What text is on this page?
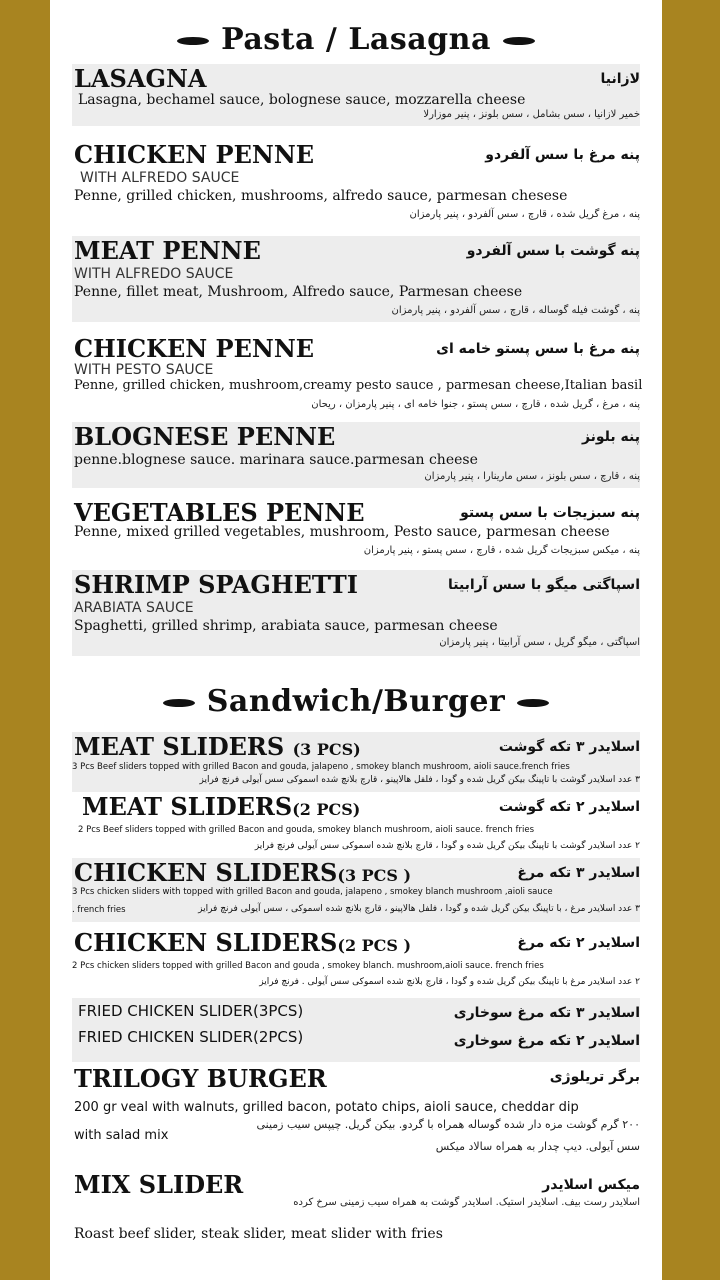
Pasta / Lasagna
LASAGNA	لازانیا
Lasagna, bechamel sauce, bolognese sauce, mozzarella cheese
خمیر لازانیا ، سس بشامل ، سس بلونز ، پنیر موزارلا
CHICKEN PENNE	پنه مرغ با سس آلفردو
WITH ALFREDO SAUCE
Penne, grilled chicken, mushrooms, alfredo sauce, parmesan chesese
پنه ، مرغ گریل شده ، قارچ ، سس آلفردو ، پنیر پارمزان
MEAT PENNE	پنه گوشت با سس آلفردو
WITH ALFREDO SAUCE
Penne, fillet meat, Mushroom, Alfredo sauce, Parmesan cheese
پنه ، گوشت فیله گوساله ، قارچ ، سس آلفردو ، پنیر پارمزان
CHICKEN PENNE	پنه مرغ با سس پستو خامه ای
WITH PESTO SAUCE
Penne, grilled chicken, mushroom,creamy pesto sauce , parmesan cheese,Italian basil
پنه ، مرغ ، گریل شده ، قارچ ، سس پستو ، جنوا خامه ای ، پنیر پارمزان ، ریحان
BLOGNESE PENNE	پنه بلونز
penne.blognese sauce. marinara sauce.parmesan cheese
پنه ، قارچ ، سس بلونز ، سس مارینارا ، پنیر پارمزان
VEGETABLES PENNE	پنه سبزیجات با سس پستو
Penne, mixed grilled vegetables, mushroom, Pesto sauce, parmesan cheese
پنه ، میکس سبزیجات گریل شده ، قارچ ، سس پستو ، پنیر پارمزان
SHRIMP SPAGHETTI	اسپاگتی میگو با سس آرابیتا
ARABIATA SAUCE
Spaghetti, grilled shrimp, arabiata sauce, parmesan cheese
اسپاگتی ، میگو گریل ، سس آرابیتا ، پنیر پارمزان
Sandwich/Burger
MEAT SLIDERS (3 PCS)	اسلایدر ۳ تکه گوشت
3 Pcs Beef sliders topped with grilled Bacon and gouda, jalapeno , smokey blanch mushroom, aioli sauce.french fries
۳ عدد اسلایدر گوشت با تاپینگ بیکن گریل شده و گودا ، فلفل هالاپینو ، قارچ بلانچ شده اسموکی سس آیولی فرنچ فرایز
MEAT SLIDERS(2 PCS)	اسلایدر ۲ تکه گوشت
2 Pcs Beef sliders topped with grilled Bacon and gouda, smokey blanch mushroom, aioli sauce. french fries
۲ عدد اسلایدر گوشت با تاپینگ بیکن گریل شده و گودا ، قارچ بلانچ شده اسموکی سس آیولی فرنچ فرایز
CHICKEN SLIDERS(3 PCS )	اسلایدر ۳ تکه مرغ
3 Pcs chicken sliders with topped with grilled Bacon and gouda, jalapeno , smokey blanch mushroom ,aioli sauce
. french fries	۳ عدد اسلایدر مرغ ، با تاپینگ بیکن گریل شده و گودا ، فلفل هالاپینو ، قارچ بلانچ شده اسموکی ، سس آیولی فرنچ فرایز
CHICKEN SLIDERS(2 PCS )	اسلایدر ۲ تکه مرغ
2 Pcs chicken sliders topped with grilled Bacon and gouda , smokey blanch. mushroom,aioli sauce. french fries
۲ عدد اسلایدر مرغ با تاپینگ بیکن گریل شده و گودا ، قارچ بلانچ شده اسموکی سس آیولی . فرنچ فرایز
FRIED CHICKEN SLIDER(3PCS)	اسلایدر ۳ تکه مرغ سوخاری
FRIED CHICKEN SLIDER(2PCS)	اسلایدر ۲ تکه مرغ سوخاری
TRILOGY BURGER	برگر تریلوژی
200 gr veal with walnuts, grilled bacon, potato chips, aioli sauce, cheddar dip
with salad mix
۲۰۰ گرم گوشت مزه دار شده گوساله همراه با گردو. بیکن گریل. چیپس سیب زمینی
سس آیولی. دیپ چدار به همراه سالاد میکس
MIX SLIDER	میکس اسلایدر
اسلایدر رست بیف. اسلایدر استیک. اسلایدر گوشت به همراه سیب زمینی سرخ کرده
Roast beef slider, steak slider, meat slider with fries
